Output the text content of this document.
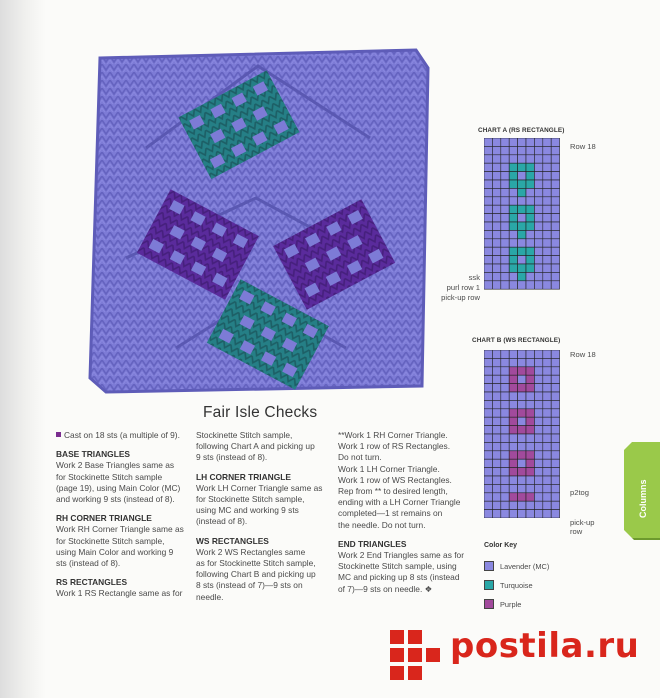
Fair Isle Checks

Cast on 18 sts (a multiple of 9).

BASE TRIANGLES

Work 2 Base Triangles same as

for Stockinette Stitch sample

(page 19), using Main Color (MC)

and working 9 sts (instead of 8).

RH CORNER TRIANGLE

Work RH Corner Triangle same as

for Stockinette Stitch sample,

using Main Color and working 9

sts (instead of 8).

RS RECTANGLES

Work 1 RS Rectangle same as for

Stockinette Stitch sample,

following Chart A and picking up

9 sts (instead of 8).

LH CORNER TRIANGLE

Work LH Corner Triangle same as

for Stockinette Stitch sample,

using MC and working 9 sts

(instead of 8).

WS RECTANGLES

Work 2 WS Rectangles same

as for Stockinette Stitch sample,

following Chart B and picking up

8 sts (instead of 7)—9 sts on

needle.

**Work 1 RH Corner Triangle.

Work 1 row of RS Rectangles.

Do not turn.

Work 1 LH Corner Triangle.

Work 1 row of WS Rectangles.

Rep from ** to desired length,

ending with a LH Corner Triangle

completed—1 st remains on

the needle. Do not turn.

END TRIANGLES

Work 2 End Triangles same as for

Stockinette Stitch sample, using

MC and picking up 8 sts (instead

of 7)—9 sts on needle. ❖

CHART A (RS RECTANGLE)
Row 18
ssk
purl row 1
pick-up row
CHART B (WS RECTANGLE)
Row 18
p2tog
pick-up
row
Color Key
Lavender (MC)
Turquoise
Purple
Columns
postila.ru
